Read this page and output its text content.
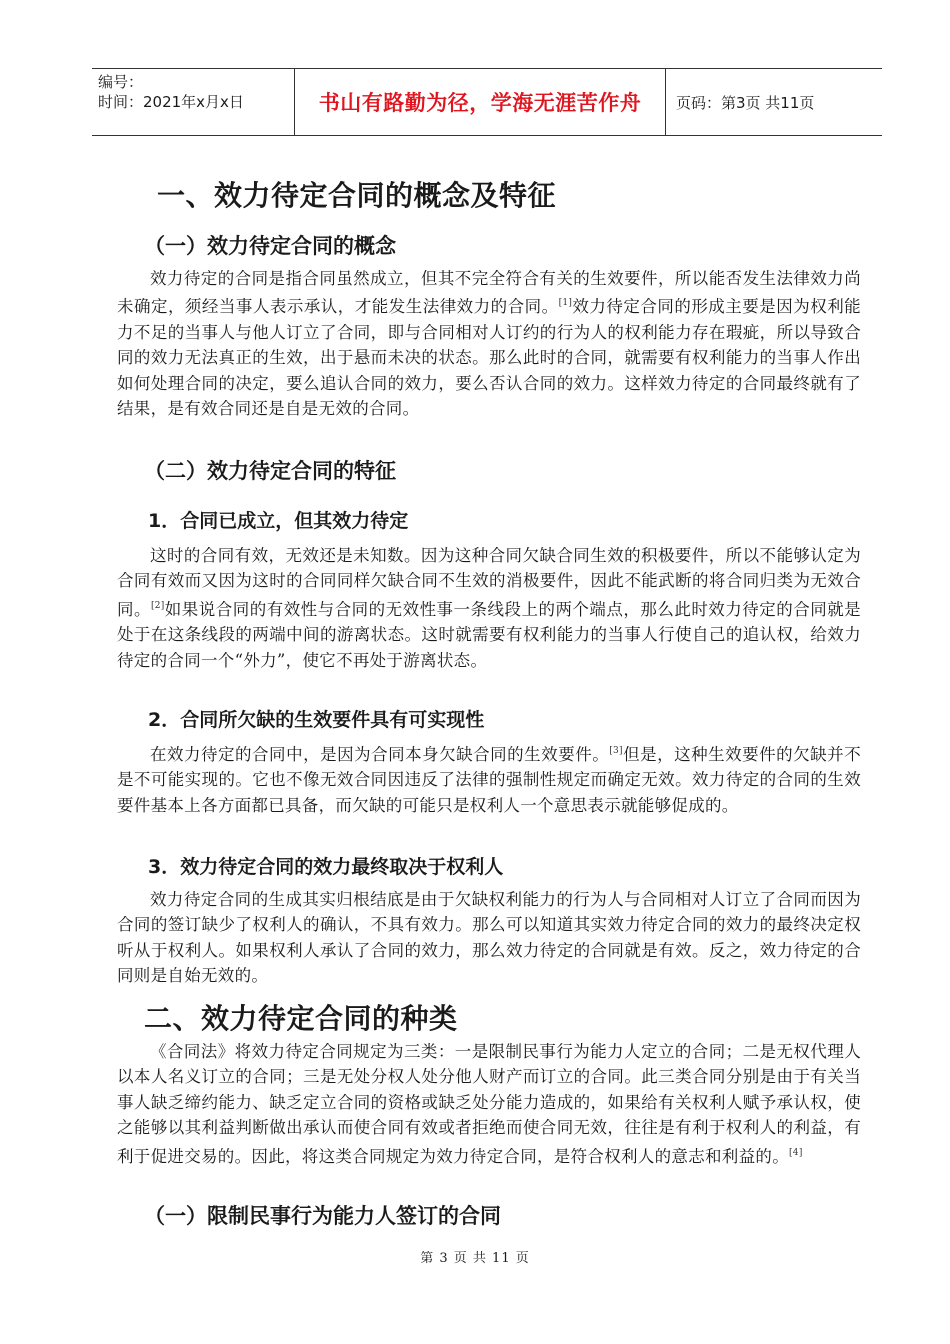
编号：
时间：2021年x月x日	书山有路勤为径，学海无涯苦作舟	页码：第3页 共11页
一、效力待定合同的概念及特征
（一）效力待定合同的概念
效力待定的合同是指合同虽然成立，但其不完全符合有关的生效要件，所以能否发生法律效力尚未确定，须经当事人表示承认，才能发生法律效力的合同。[1]效力待定合同的形成主要是因为权利能力不足的当事人与他人订立了合同，即与合同相对人订约的行为人的权利能力存在瑕疵，所以导致合同的效力无法真正的生效，出于悬而未决的状态。那么此时的合同，就需要有权利能力的当事人作出如何处理合同的决定，要么追认合同的效力，要么否认合同的效力。这样效力待定的合同最终就有了结果，是有效合同还是自是无效的合同。
（二）效力待定合同的特征
1．合同已成立，但其效力待定
这时的合同有效，无效还是未知数。因为这种合同欠缺合同生效的积极要件，所以不能够认定为合同有效而又因为这时的合同同样欠缺合同不生效的消极要件，因此不能武断的将合同归类为无效合同。[2]如果说合同的有效性与合同的无效性事一条线段上的两个端点，那么此时效力待定的合同就是处于在这条线段的两端中间的游离状态。这时就需要有权利能力的当事人行使自己的追认权，给效力待定的合同一个“外力”，使它不再处于游离状态。
2．合同所欠缺的生效要件具有可实现性
在效力待定的合同中，是因为合同本身欠缺合同的生效要件。[3]但是，这种生效要件的欠缺并不是不可能实现的。它也不像无效合同因违反了法律的强制性规定而确定无效。效力待定的合同的生效要件基本上各方面都已具备，而欠缺的可能只是权利人一个意思表示就能够促成的。
3．效力待定合同的效力最终取决于权利人
效力待定合同的生成其实归根结底是由于欠缺权利能力的行为人与合同相对人订立了合同而因为合同的签订缺少了权利人的确认，不具有效力。那么可以知道其实效力待定合同的效力的最终决定权听从于权利人。如果权利人承认了合同的效力，那么效力待定的合同就是有效。反之，效力待定的合同则是自始无效的。
二、效力待定合同的种类
《合同法》将效力待定合同规定为三类：一是限制民事行为能力人定立的合同；二是无权代理人以本人名义订立的合同；三是无处分权人处分他人财产而订立的合同。此三类合同分别是由于有关当事人缺乏缔约能力、缺乏定立合同的资格或缺乏处分能力造成的，如果给有关权利人赋予承认权，使之能够以其利益判断做出承认而使合同有效或者拒绝而使合同无效，往往是有利于权利人的利益，有利于促进交易的。因此，将这类合同规定为效力待定合同，是符合权利人的意志和利益的。[4]
（一）限制民事行为能力人签订的合同
第 3 页 共 11 页
